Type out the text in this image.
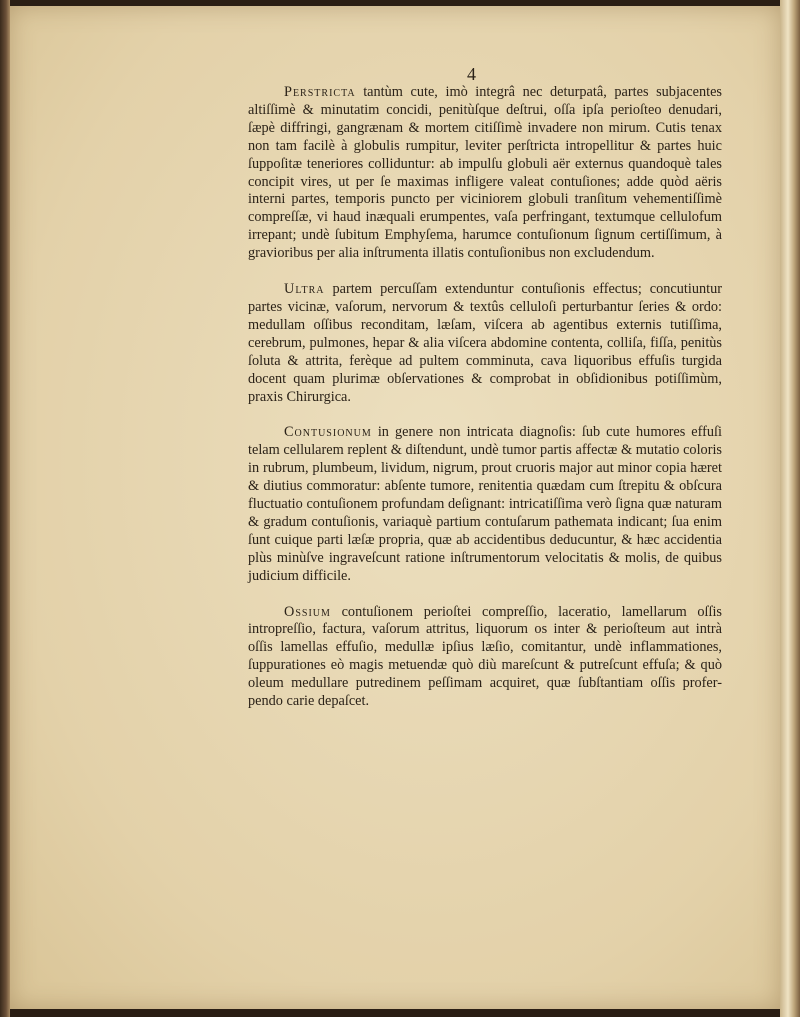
4

Perstricta tantùm cute, imò integrâ nec deturpatâ, partes subjacentes altiſſimè & minutatim concidi, penitùſque deſtrui, oſſa ipſa perioſteo denudari, ſæpè diffringi, gangrænam & mortem citiſſimè invadere non mirum. Cutis tenax non tam facilè à globulis rumpitur, leviter perſtricta intropellitur & partes huic ſuppoſitæ teneriores colliduntur: ab impulſu globuli aër externus quandoquè tales concipit vires, ut per ſe maximas infligere valeat contuſiones; adde quòd aëris interni partes, temporis puncto per viciniorem globuli tranſitum vehementiſſimè compreſſæ, vi haud inæquali erumpentes, vaſa perfringant, textumque cellulofum irrepant; undè ſubitum Emphyſema, harumce contuſionum ſignum certiſſimum, à gravioribus per alia inſtrumenta illatis contuſionibus non excludendum.

Ultra partem percuſſam extenduntur contuſionis effectus; concutiuntur partes vicinæ, vaſorum, nervorum & textûs celluloſi perturbantur ſeries & ordo: medullam oſſibus reconditam, læſam, viſcera ab agentibus externis tutiſſima, cerebrum, pulmones, hepar & alia viſcera abdomine contenta, colliſa, fiſſa, penitùs ſoluta & attrita, ferèque ad pultem comminuta, cava liquoribus effuſis turgida docent quam plurimæ obſervationes & comprobat in obſidionibus potiſſimùm, praxis Chirurgica.

Contusionum in genere non intricata diagnoſis: ſub cute humores effuſi telam cellularem replent & diſtendunt, undè tumor partis affectæ & mutatio coloris in rubrum, plumbeum, lividum, nigrum, prout cruoris major aut minor copia hæret & diutius commoratur: abſente tumore, renitentia quædam cum ſtrepitu & obſcura fluctuatio contuſionem profundam deſignant: intricatiſſima verò ſigna quæ naturam & gradum contuſionis, variaquè partium contuſarum pathemata indicant; ſua enim ſunt cuique parti læſæ propria, quæ ab accidentibus deducuntur, & hæc accidentia plùs minùſve ingraveſcunt ratione inſtrumentorum velocitatis & molis, de quibus judicium difficile.

Ossium contuſionem perioſtei compreſſio, laceratio, lamellarum oſſis intropreſſio, factura, vaſorum attritus, liquorum os inter & perioſteum aut intrà oſſis lamellas effuſio, medullæ ipſius læſio, comitantur, undè inflammationes, ſuppurationes eò magis metuendæ quò diù mareſcunt & putreſcunt effuſa; & quò oleum medullare putredinem peſſimam acquiret, quæ ſubſtantiam oſſis profer-pendo carie depaſcet.
